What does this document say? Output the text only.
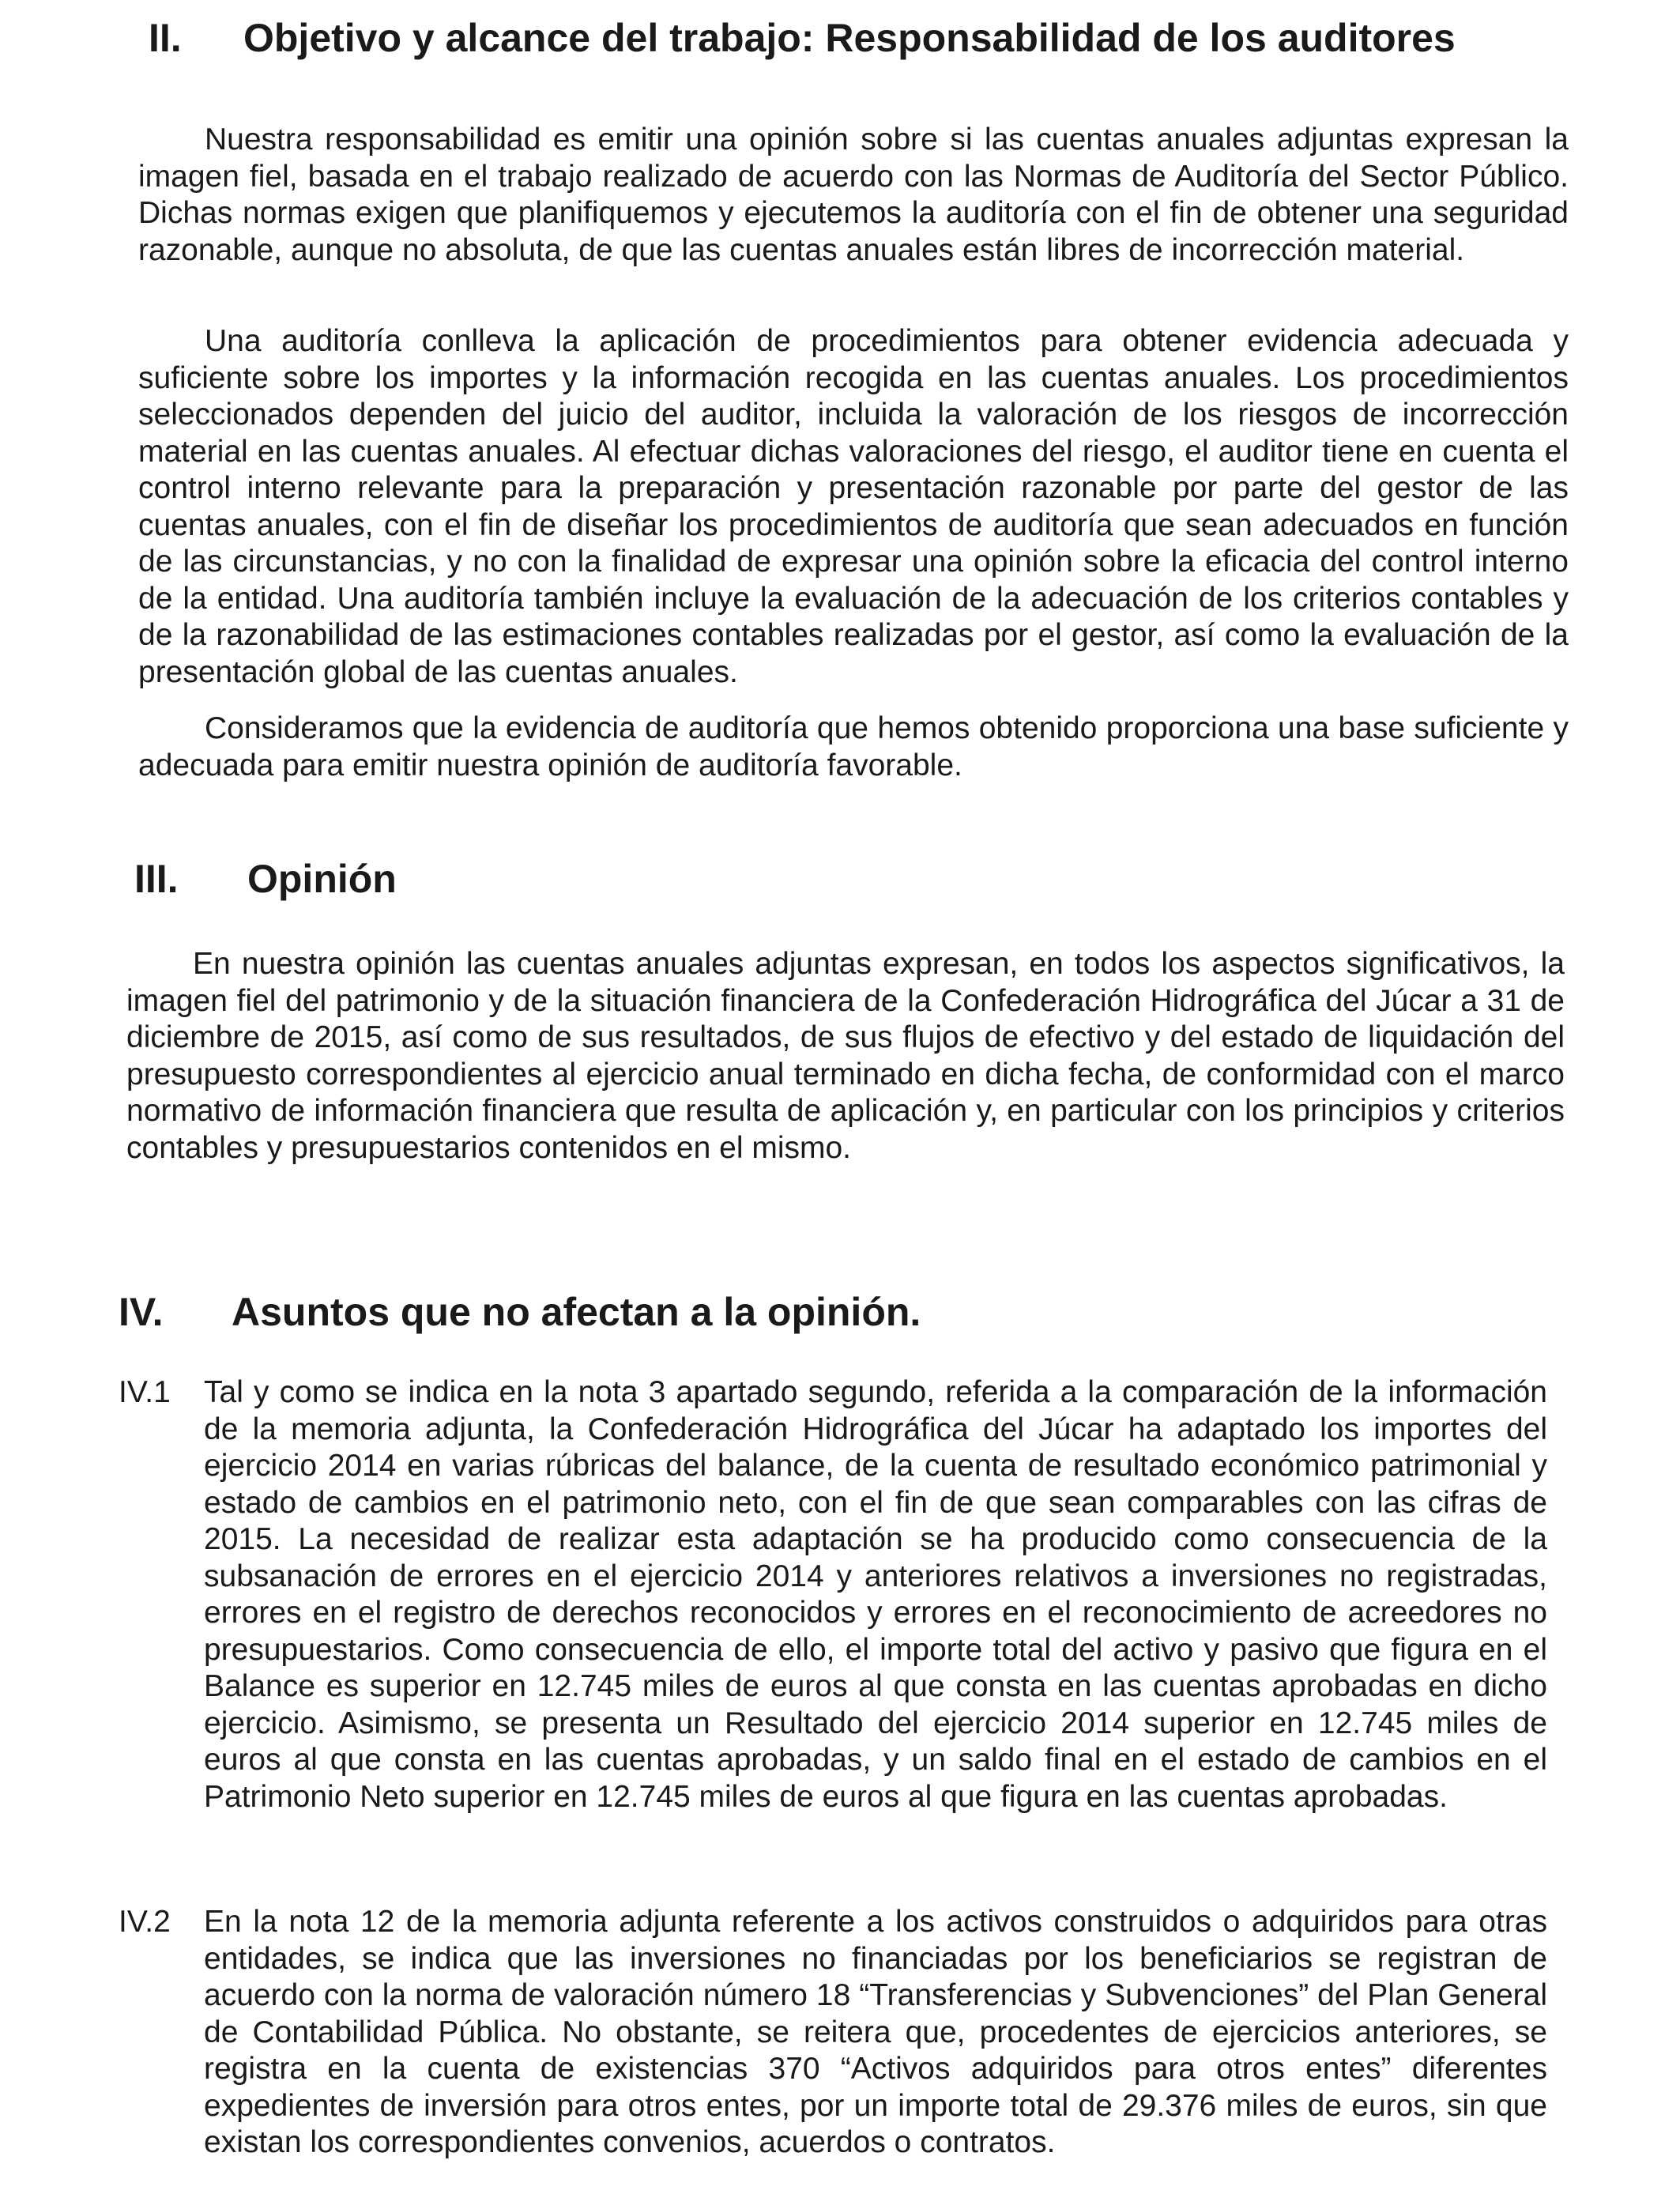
II. Objetivo y alcance del trabajo: Responsabilidad de los auditores

Nuestra responsabilidad es emitir una opinión sobre si las cuentas anuales adjuntas expresan la imagen fiel, basada en el trabajo realizado de acuerdo con las Normas de Auditoría del Sector Público. Dichas normas exigen que planifiquemos y ejecutemos la auditoría con el fin de obtener una seguridad razonable, aunque no absoluta, de que las cuentas anuales están libres de incorrección material.

Una auditoría conlleva la aplicación de procedimientos para obtener evidencia adecuada y suficiente sobre los importes y la información recogida en las cuentas anuales. Los procedimientos seleccionados dependen del juicio del auditor, incluida la valoración de los riesgos de incorrección material en las cuentas anuales. Al efectuar dichas valoraciones del riesgo, el auditor tiene en cuenta el control interno relevante para la preparación y presentación razonable por parte del gestor de las cuentas anuales, con el fin de diseñar los procedimientos de auditoría que sean adecuados en función de las circunstancias, y no con la finalidad de expresar una opinión sobre la eficacia del control interno de la entidad. Una auditoría también incluye la evaluación de la adecuación de los criterios contables y de la razonabilidad de las estimaciones contables realizadas por el gestor, así como la evaluación de la presentación global de las cuentas anuales.

Consideramos que la evidencia de auditoría que hemos obtenido proporciona una base suficiente y adecuada para emitir nuestra opinión de auditoría favorable.

III. Opinión

En nuestra opinión las cuentas anuales adjuntas expresan, en todos los aspectos significativos, la imagen fiel del patrimonio y de la situación financiera de la Confederación Hidrográfica del Júcar a 31 de diciembre de 2015, así como de sus resultados, de sus flujos de efectivo y del estado de liquidación del presupuesto correspondientes al ejercicio anual terminado en dicha fecha, de conformidad con el marco normativo de información financiera que resulta de aplicación y, en particular con los principios y criterios contables y presupuestarios contenidos en el mismo.

IV. Asuntos que no afectan a la opinión.

IV.1 Tal y como se indica en la nota 3 apartado segundo, referida a la comparación de la información de la memoria adjunta, la Confederación Hidrográfica del Júcar ha adaptado los importes del ejercicio 2014 en varias rúbricas del balance, de la cuenta de resultado económico patrimonial y estado de cambios en el patrimonio neto, con el fin de que sean comparables con las cifras de 2015. La necesidad de realizar esta adaptación se ha producido como consecuencia de la subsanación de errores en el ejercicio 2014 y anteriores relativos a inversiones no registradas, errores en el registro de derechos reconocidos y errores en el reconocimiento de acreedores no presupuestarios. Como consecuencia de ello, el importe total del activo y pasivo que figura en el Balance es superior en 12.745 miles de euros al que consta en las cuentas aprobadas en dicho ejercicio. Asimismo, se presenta un Resultado del ejercicio 2014 superior en 12.745 miles de euros al que consta en las cuentas aprobadas, y un saldo final en el estado de cambios en el Patrimonio Neto superior en 12.745 miles de euros al que figura en las cuentas aprobadas.

IV.2 En la nota 12 de la memoria adjunta referente a los activos construidos o adquiridos para otras entidades, se indica que las inversiones no financiadas por los beneficiarios se registran de acuerdo con la norma de valoración número 18 “Transferencias y Subvenciones” del Plan General de Contabilidad Pública. No obstante, se reitera que, procedentes de ejercicios anteriores, se registra en la cuenta de existencias 370 “Activos adquiridos para otros entes” diferentes expedientes de inversión para otros entes, por un importe total de 29.376 miles de euros, sin que existan los correspondientes convenios, acuerdos o contratos.
